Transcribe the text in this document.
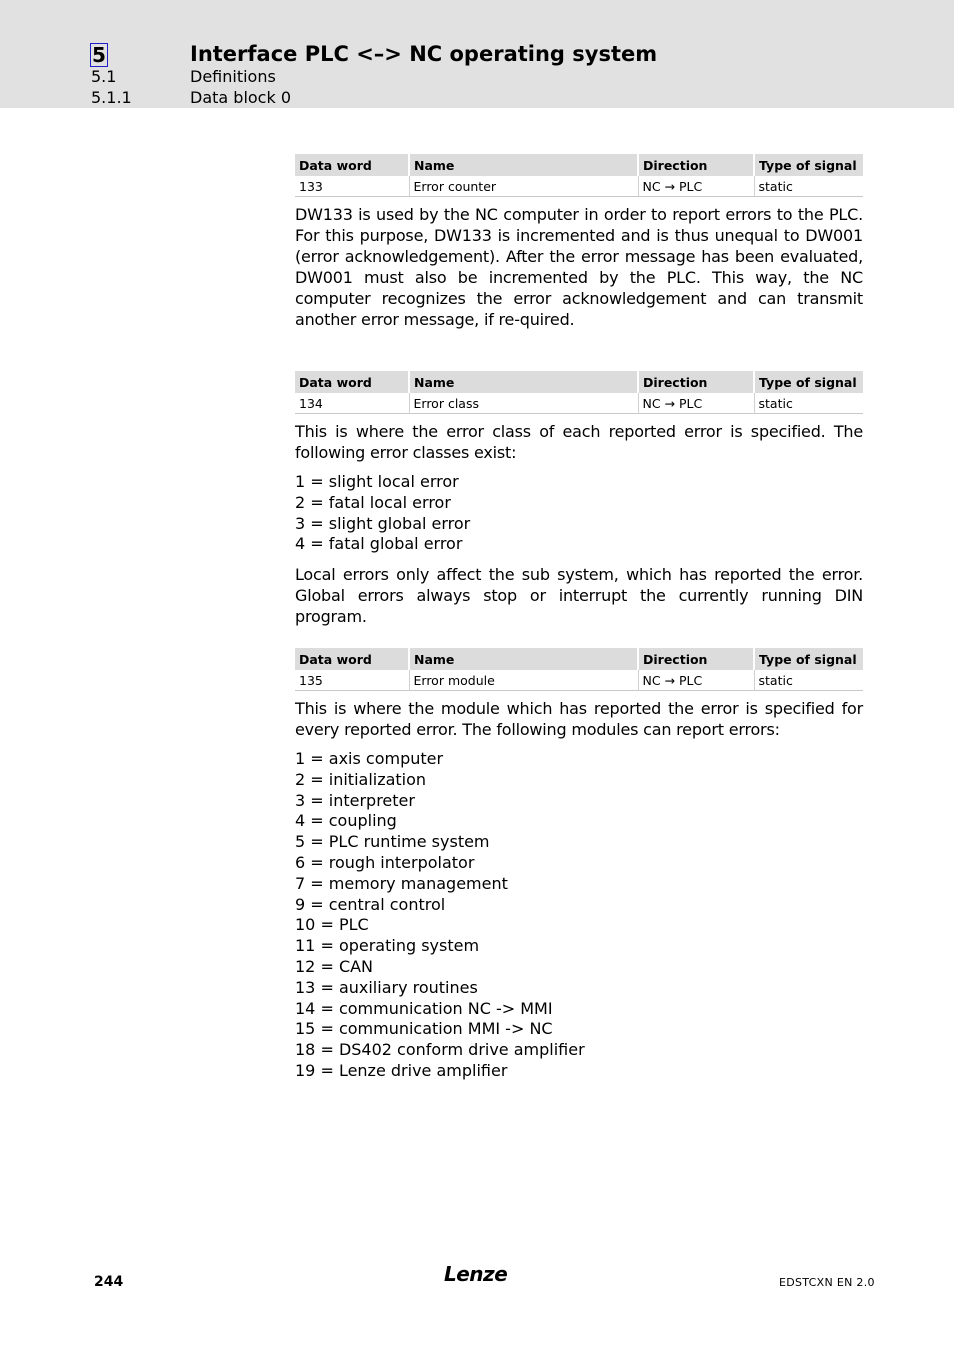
5	Interface PLC <–> NC operating system
5.1	Definitions
5.1.1	Data block 0
Data word	Name	Direction	Type of signal
133	Error counter	NC → PLC	static

DW133 is used by the NC computer in order to report errors to the PLC. For this purpose, DW133 is incremented and is thus unequal to DW001 (error acknowledgement). After the error message has been evaluated, DW001 must also be incremented by the PLC. This way, the NC computer recognizes the error acknowledgement and can transmit another error message, if re-quired.

Data word	Name	Direction	Type of signal
134	Error class	NC → PLC	static

This is where the error class of each reported error is specified. The following error classes exist:

1 = slight local error
2 = fatal local error
3 = slight global error
4 = fatal global error

Local errors only affect the sub system, which has reported the error. Global errors always stop or interrupt the currently running DIN program.

Data word	Name	Direction	Type of signal
135	Error module	NC → PLC	static

This is where the module which has reported the error is specified for every reported error. The following modules can report errors:

1 = axis computer
2 = initialization
3 = interpreter
4 = coupling
5 = PLC runtime system
6 = rough interpolator
7 = memory management
9 = central control
10 = PLC
11 = operating system
12 = CAN
13 = auxiliary routines
14 = communication NC -> MMI
15 = communication MMI -> NC
18 = DS402 conform drive amplifier
19 = Lenze drive amplifier
244	Lenze	EDSTCXN EN 2.0
